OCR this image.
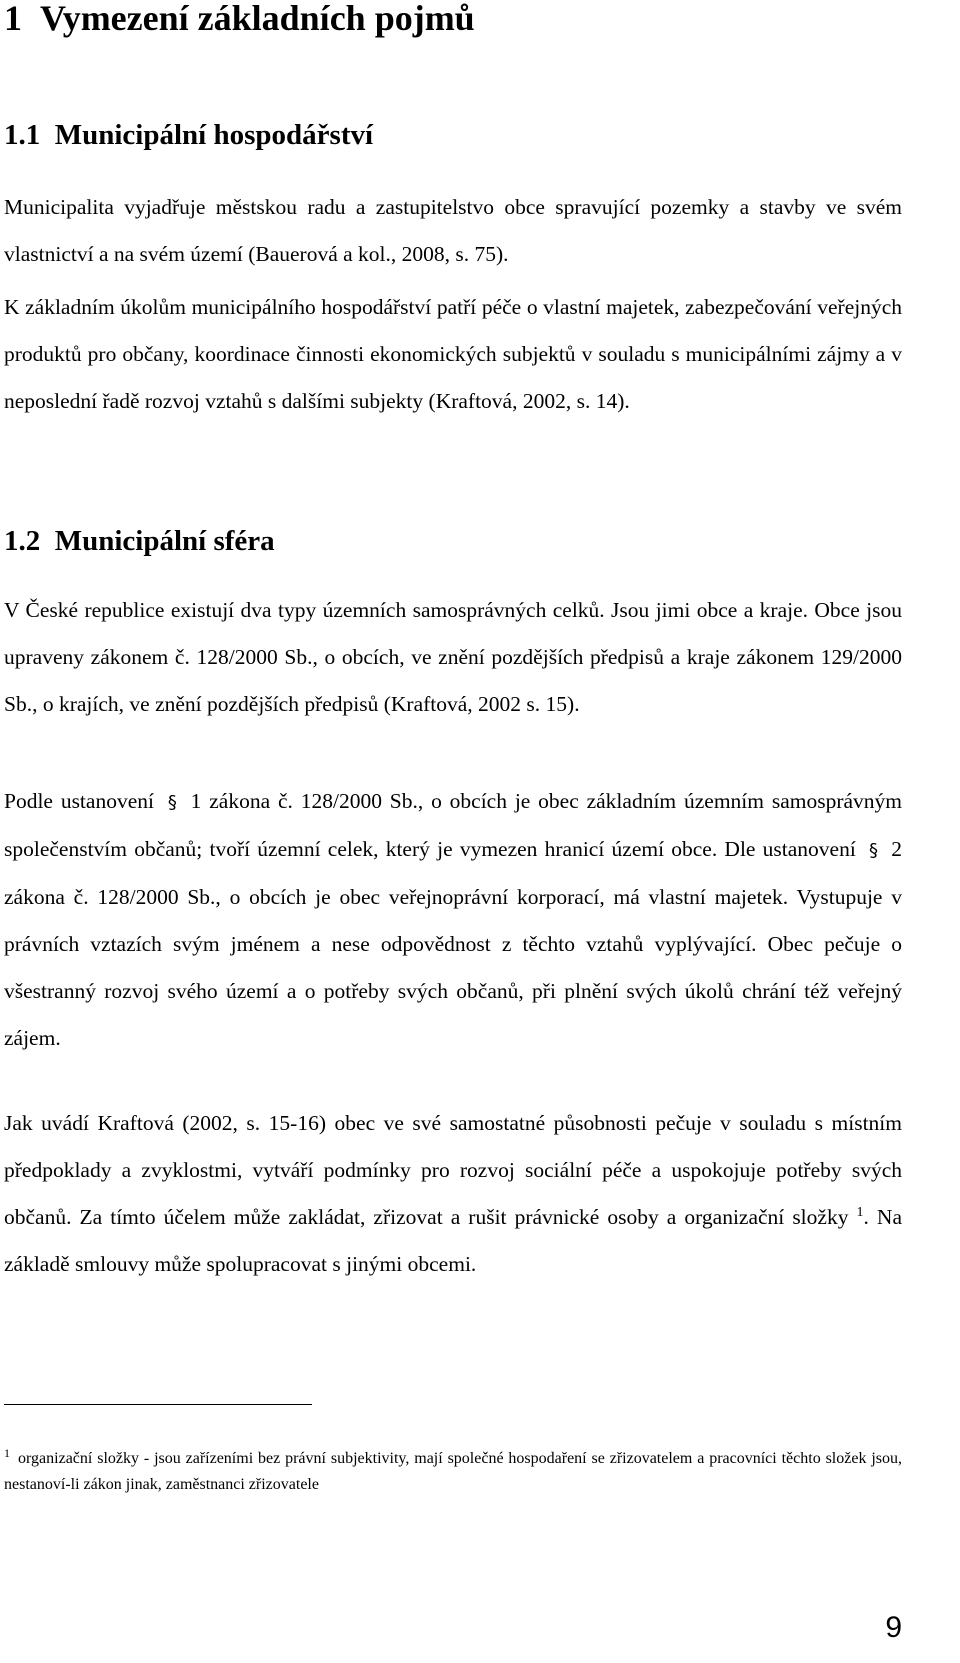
1 Vymezení základních pojmů
1.1 Municipální hospodářství

Municipalita vyjadřuje městskou radu a zastupitelstvo obce spravující pozemky a stavby ve svém vlastnictví a na svém území (Bauerová a kol., 2008, s. 75).

K základním úkolům municipálního hospodářství patří péče o vlastní majetek, zabezpečování veřejných produktů pro občany, koordinace činnosti ekonomických subjektů v souladu s municipálními zájmy a v neposlední řadě rozvoj vztahů s dalšími subjekty (Kraftová, 2002, s. 14).

1.2 Municipální sféra

V České republice existují dva typy územních samosprávných celků. Jsou jimi obce a kraje. Obce jsou upraveny zákonem č. 128/2000 Sb., o obcích, ve znění pozdějších předpisů a kraje zákonem 129/2000 Sb., o krajích, ve znění pozdějších předpisů (Kraftová, 2002 s. 15).

Podle ustanovení § 1 zákona č. 128/2000 Sb., o obcích je obec základním územním samosprávným společenstvím občanů; tvoří územní celek, který je vymezen hranicí území obce. Dle ustanovení § 2 zákona č. 128/2000 Sb., o obcích je obec veřejnoprávní korporací, má vlastní majetek. Vystupuje v právních vztazích svým jménem a nese odpovědnost z těchto vztahů vyplývající. Obec pečuje o všestranný rozvoj svého území a o potřeby svých občanů, při plnění svých úkolů chrání též veřejný zájem.

Jak uvádí Kraftová (2002, s. 15-16) obec ve své samostatné působnosti pečuje v souladu s místním předpoklady a zvyklostmi, vytváří podmínky pro rozvoj sociální péče a uspokojuje potřeby svých občanů. Za tímto účelem může zakládat, zřizovat a rušit právnické osoby a organizační složky $^1$. Na základě smlouvy může spolupracovat s jinými obcemi.

$^1$ organizační složky - jsou zařízeními bez právní subjektivity, mají společné hospodaření se zřizovatelem a pracovníci těchto složek jsou, nestanoví-li zákon jinak, zaměstnanci zřizovatele

9
